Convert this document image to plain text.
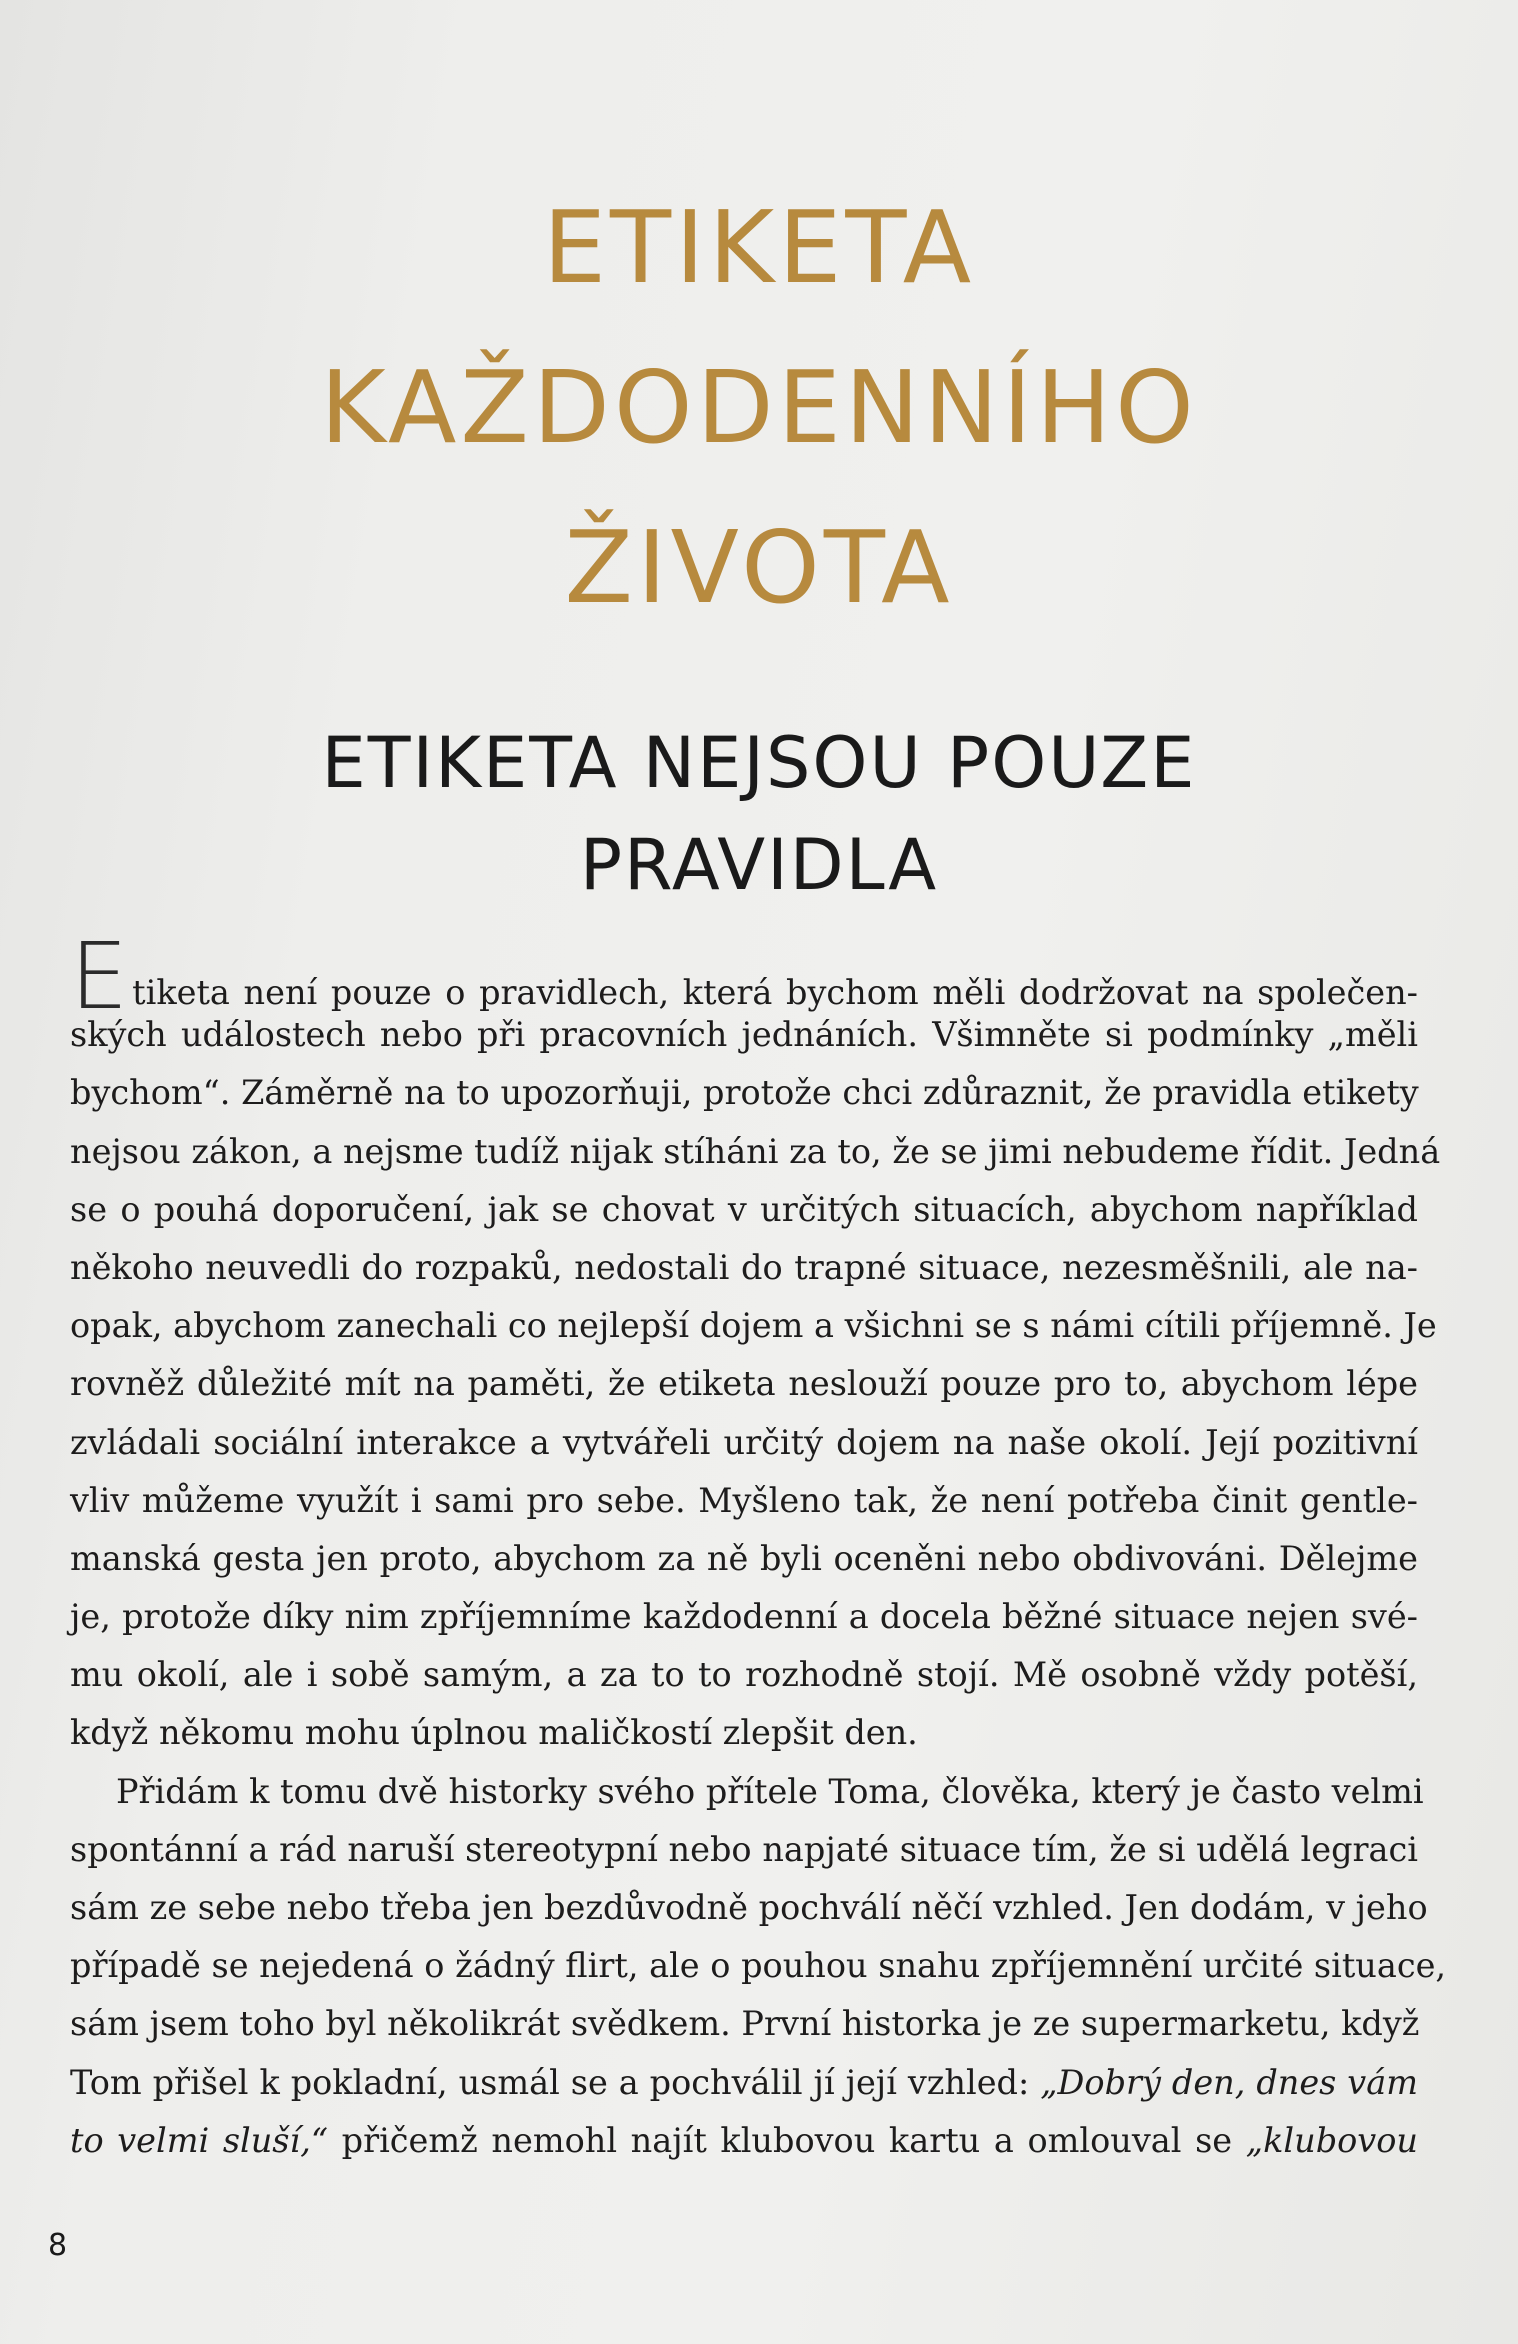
ETIKETA
KAŽDODENNÍHO
ŽIVOTA
ETIKETA NEJSOU POUZE
PRAVIDLA
Etiketa není pouze o pravidlech, která bychom měli dodržovat na společen-
ských událostech nebo při pracovních jednáních. Všimněte si podmínky „měli
bychom“. Záměrně na to upozorňuji, protože chci zdůraznit, že pravidla etikety
nejsou zákon, a nejsme tudíž nijak stíháni za to, že se jimi nebudeme řídit. Jedná
se o pouhá doporučení, jak se chovat v určitých situacích, abychom například
někoho neuvedli do rozpaků, nedostali do trapné situace, nezesměšnili, ale na-
opak, abychom zanechali co nejlepší dojem a všichni se s námi cítili příjemně. Je
rovněž důležité mít na paměti, že etiketa neslouží pouze pro to, abychom lépe
zvládali sociální interakce a vytvářeli určitý dojem na naše okolí. Její pozitivní
vliv můžeme využít i sami pro sebe. Myšleno tak, že není potřeba činit gentle-
manská gesta jen proto, abychom za ně byli oceněni nebo obdivováni. Dělejme
je, protože díky nim zpříjemníme každodenní a docela běžné situace nejen své-
mu okolí, ale i sobě samým, a za to to rozhodně stojí. Mě osobně vždy potěší,
když někomu mohu úplnou maličkostí zlepšit den.
Přidám k tomu dvě historky svého přítele Toma, člověka, který je často velmi
spontánní a rád naruší stereotypní nebo napjaté situace tím, že si udělá legraci
sám ze sebe nebo třeba jen bezdůvodně pochválí něčí vzhled. Jen dodám, v jeho
případě se nejedená o žádný flirt, ale o pouhou snahu zpříjemnění určité situace,
sám jsem toho byl několikrát svědkem. První historka je ze supermarketu, když
Tom přišel k pokladní, usmál se a pochválil jí její vzhled: „Dobrý den, dnes vám
to velmi sluší,“ přičemž nemohl najít klubovou kartu a omlouval se „klubovou
8
